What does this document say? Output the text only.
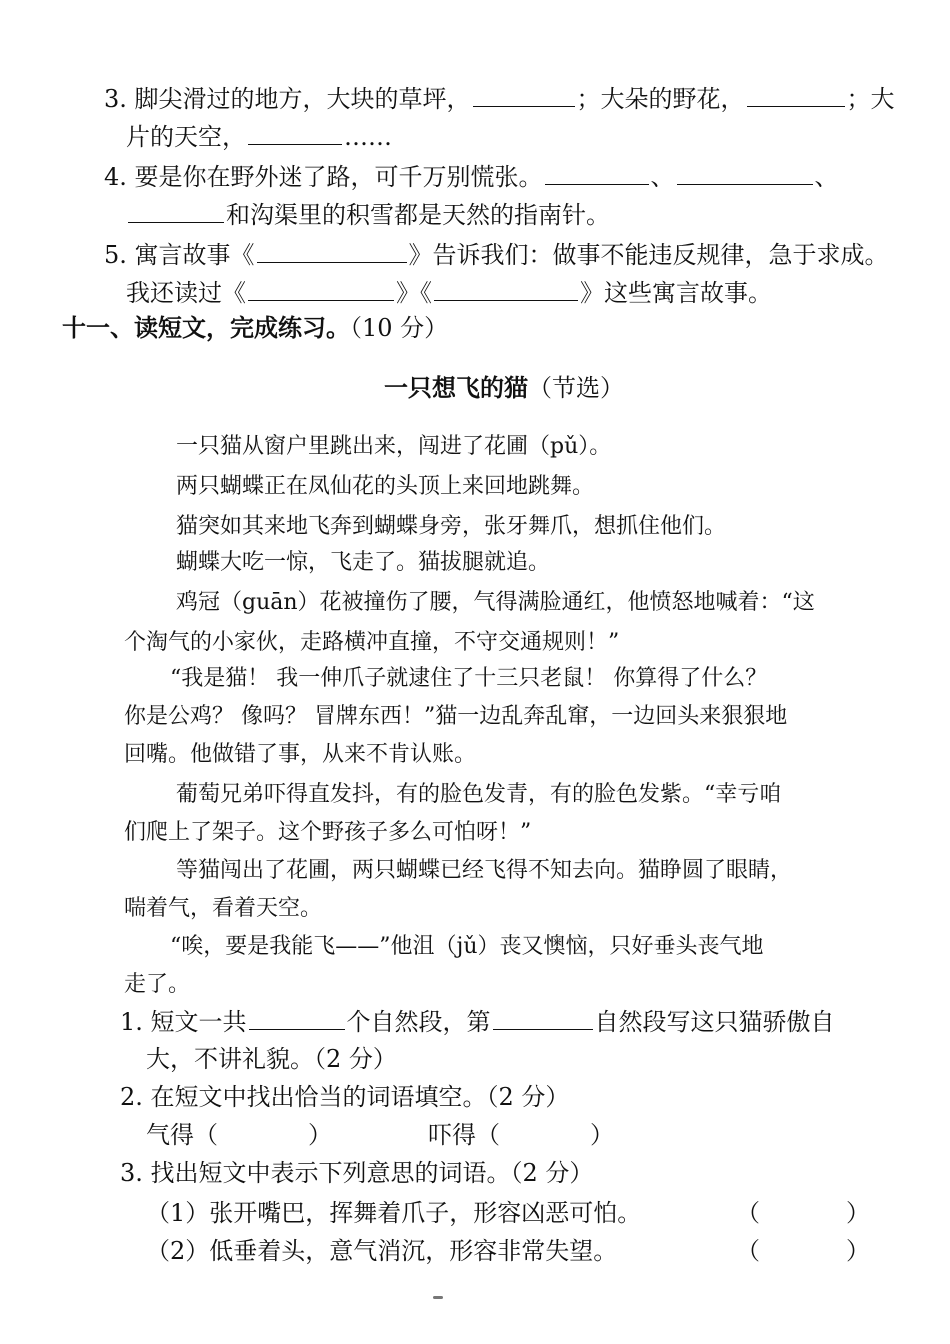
3. 脚尖滑过的地方，大块的草坪，	；大朵的野花，	；大
片的天空，	……
4. 要是你在野外迷了路，可千万别慌张。	、	、
和沟渠里的积雪都是天然的指南针。
5. 寓言故事《	》告诉我们：做事不能违反规律，急于求成。
我还读过《	》《	》这些寓言故事。
十一、读短文，完成练习。（10 分）
一只想飞的猫（节选）
一只猫从窗户里跳出来，闯进了花圃（pǔ）。
两只蝴蝶正在凤仙花的头顶上来回地跳舞。
猫突如其来地飞奔到蝴蝶身旁，张牙舞爪，想抓住他们。
蝴蝶大吃一惊，飞走了。猫拔腿就追。
鸡冠（guān）花被撞伤了腰，气得满脸通红，他愤怒地喊着：“这
个淘气的小家伙，走路横冲直撞，不守交通规则！”
“我是猫！ 我一伸爪子就逮住了十三只老鼠！ 你算得了什么？
你是公鸡？ 像吗？ 冒牌东西！”猫一边乱奔乱窜，一边回头来狠狠地
回嘴。他做错了事，从来不肯认账。
葡萄兄弟吓得直发抖，有的脸色发青，有的脸色发紫。“幸亏咱
们爬上了架子。这个野孩子多么可怕呀！”
等猫闯出了花圃，两只蝴蝶已经飞得不知去向。猫睁圆了眼睛，
喘着气，看着天空。
“唉，要是我能飞——”他沮（jǔ）丧又懊恼，只好垂头丧气地
走了。
1. 短文一共	个自然段，第	自然段写这只猫骄傲自
大，不讲礼貌。（2 分）
2. 在短文中找出恰当的词语填空。（2 分）
气得（	）	吓得（	）
3. 找出短文中表示下列意思的词语。（2 分）
（1）张开嘴巴，挥舞着爪子，形容凶恶可怕。	（	）
（2）低垂着头，意气消沉，形容非常失望。	（	）
